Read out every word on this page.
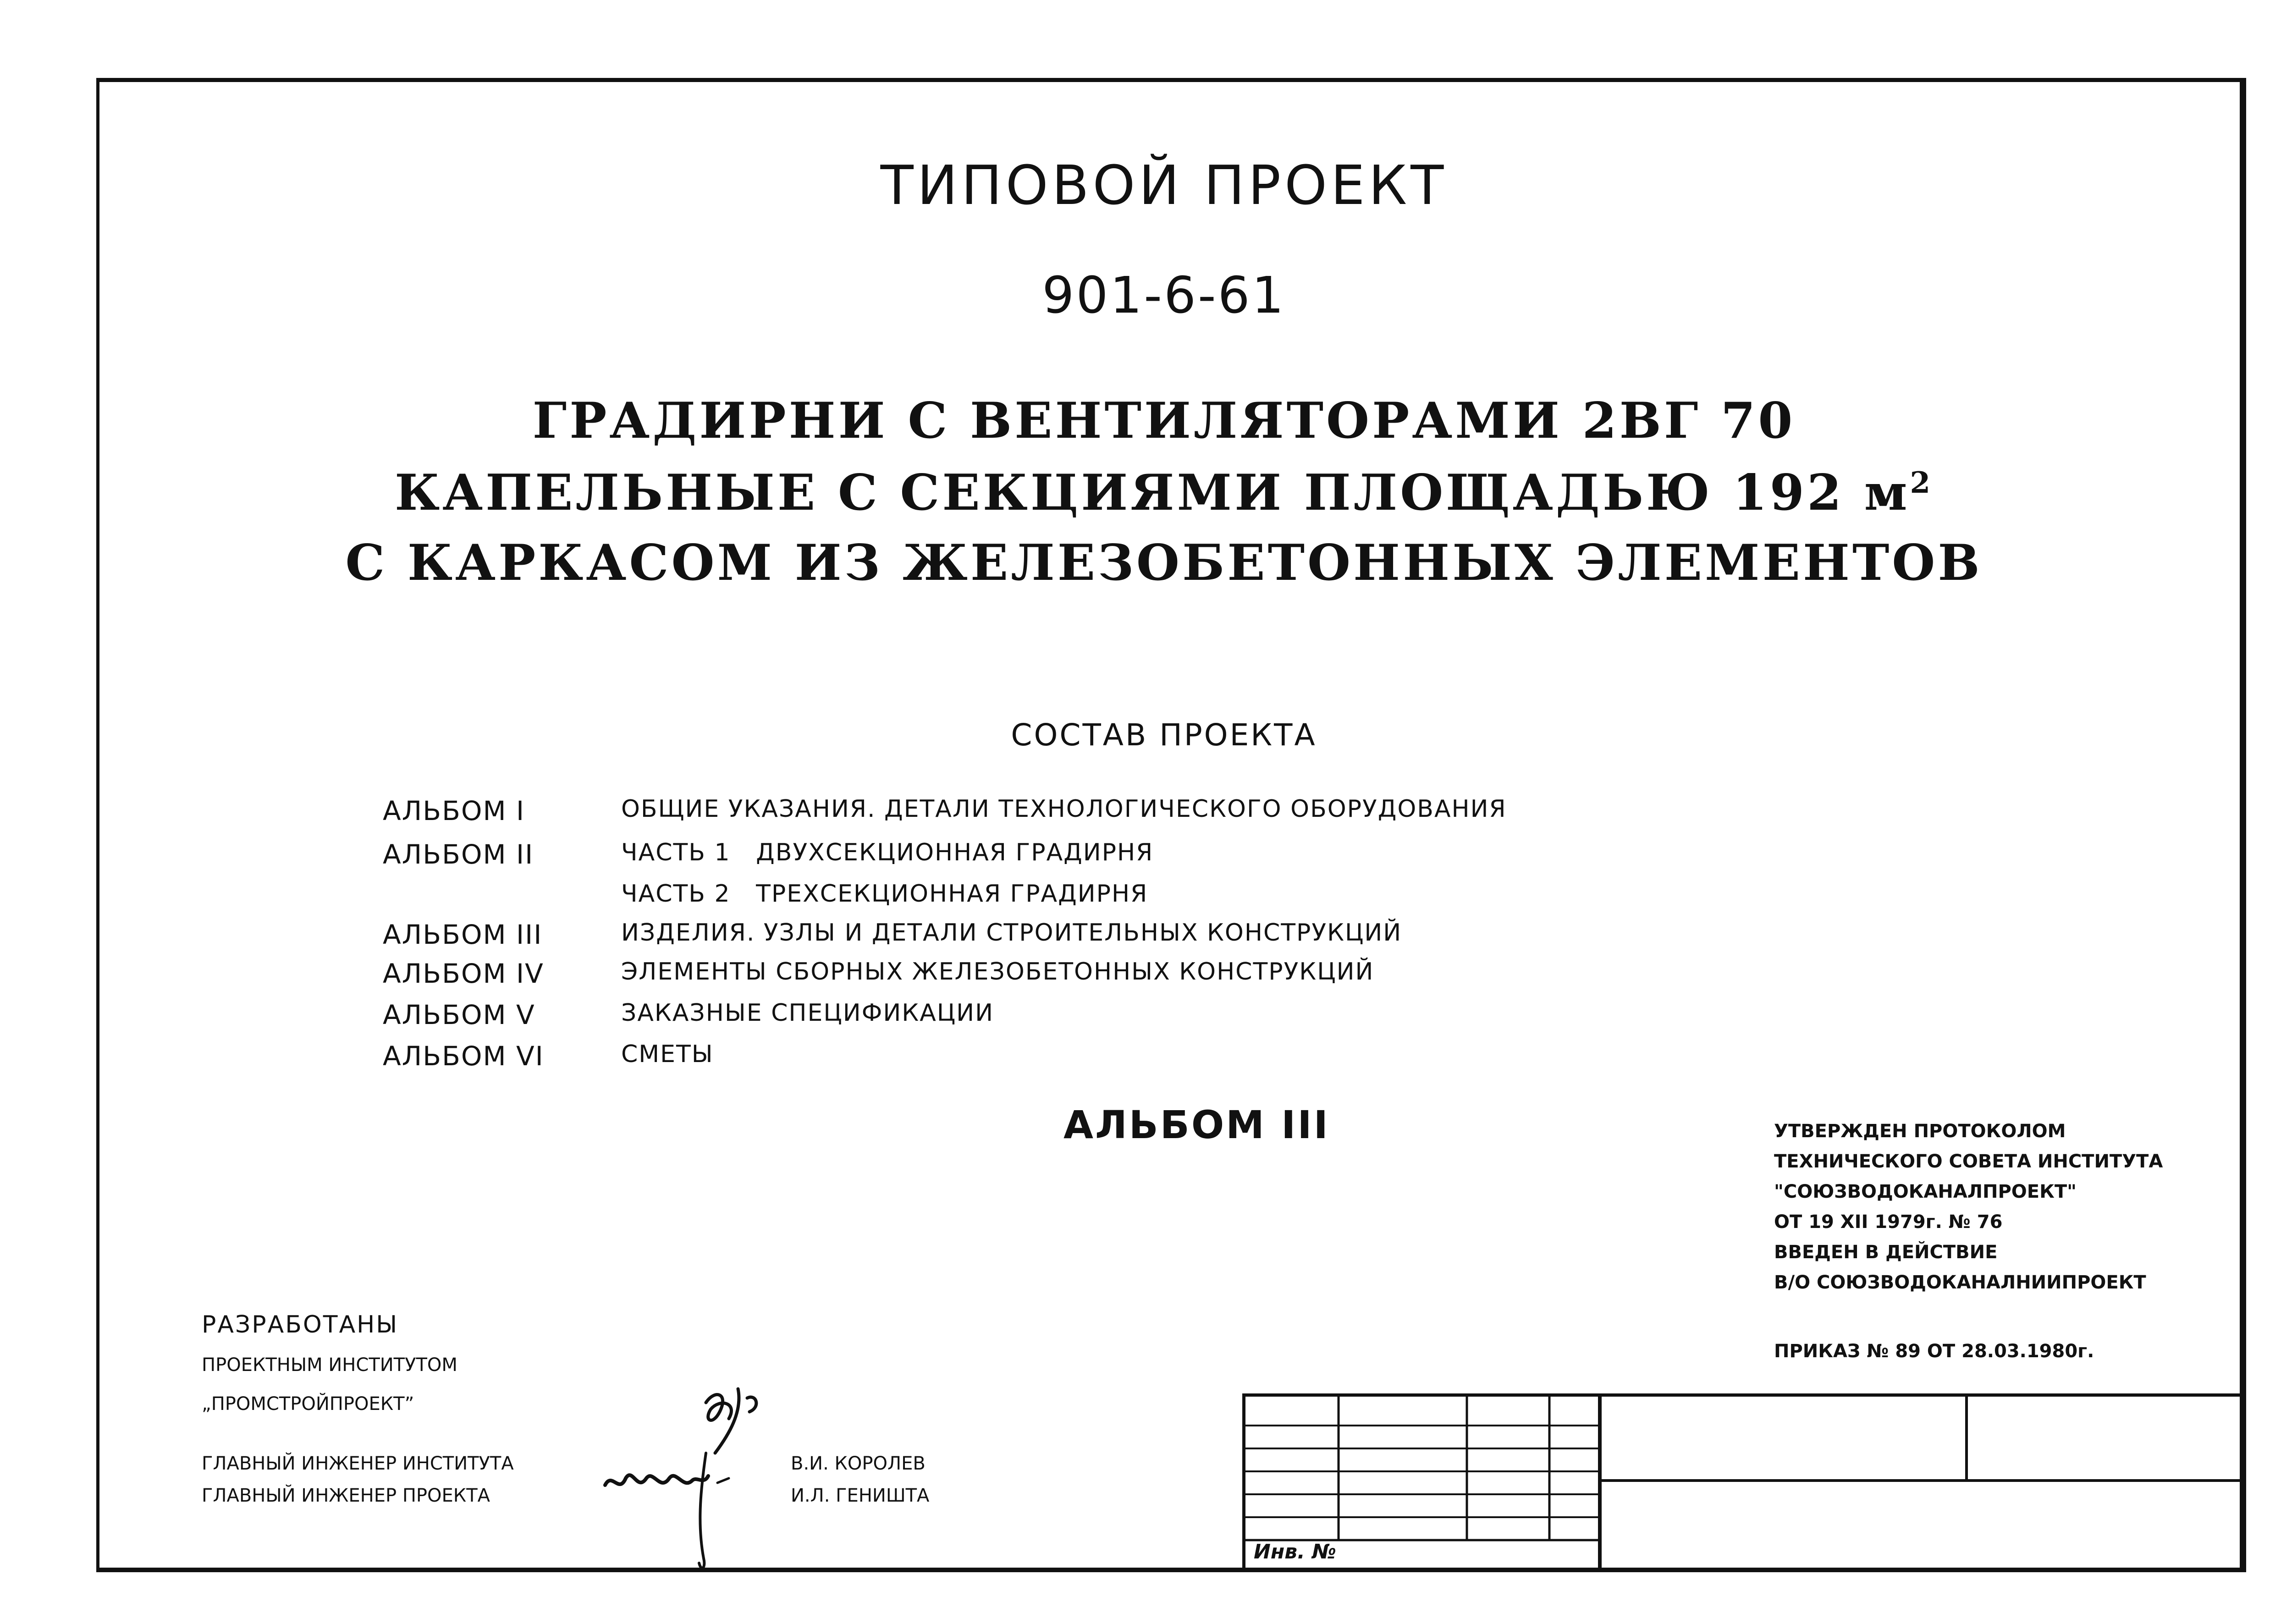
ТИПОВОЙ ПРОЕКТ
901-6-61
ГРАДИРНИ С ВЕНТИЛЯТОРАМИ 2ВГ 70
КАПЕЛЬНЫЕ С СЕКЦИЯМИ ПЛОЩАДЬЮ 192 $м^2$
С КАРКАСОМ ИЗ ЖЕЛЕЗОБЕТОННЫХ ЭЛЕМЕНТОВ
СОСТАВ ПРОЕКТА
АЛЬБОМ I	ОБЩИЕ УКАЗАНИЯ. ДЕТАЛИ ТЕХНОЛОГИЧЕСКОГО ОБОРУДОВАНИЯ
АЛЬБОМ II	ЧАСТЬ 1   ДВУХСЕКЦИОННАЯ ГРАДИРНЯ
ЧАСТЬ 2   ТРЕХСЕКЦИОННАЯ ГРАДИРНЯ
АЛЬБОМ III	ИЗДЕЛИЯ. УЗЛЫ И ДЕТАЛИ СТРОИТЕЛЬНЫХ КОНСТРУКЦИЙ
АЛЬБОМ IV	ЭЛЕМЕНТЫ СБОРНЫХ ЖЕЛЕЗОБЕТОННЫХ КОНСТРУКЦИЙ
АЛЬБОМ V	ЗАКАЗНЫЕ СПЕЦИФИКАЦИИ
АЛЬБОМ VI	СМЕТЫ
АЛЬБОМ III	УТВЕРЖДЕН ПРОТОКОЛОМ
ТЕХНИЧЕСКОГО СОВЕТА ИНСТИТУТА
"СОЮЗВОДОКАНАЛПРОЕКТ"
ОТ 19 XII 1979г. № 76
ВВЕДЕН В ДЕЙСТВИЕ
В/О СОЮЗВОДОКАНАЛНИИПРОЕКТ
ПРИКАЗ № 89 ОТ 28.03.1980г.
РАЗРАБОТАНЫ
ПРОЕКТНЫМ ИНСТИТУТОМ
„ПРОМСТРОЙПРОЕКТ”
ГЛАВНЫЙ ИНЖЕНЕР ИНСТИТУТА
ГЛАВНЫЙ ИНЖЕНЕР ПРОЕКТА
В.И. КОРОЛЕВ
И.Л. ГЕНИШТА
Инв. №
